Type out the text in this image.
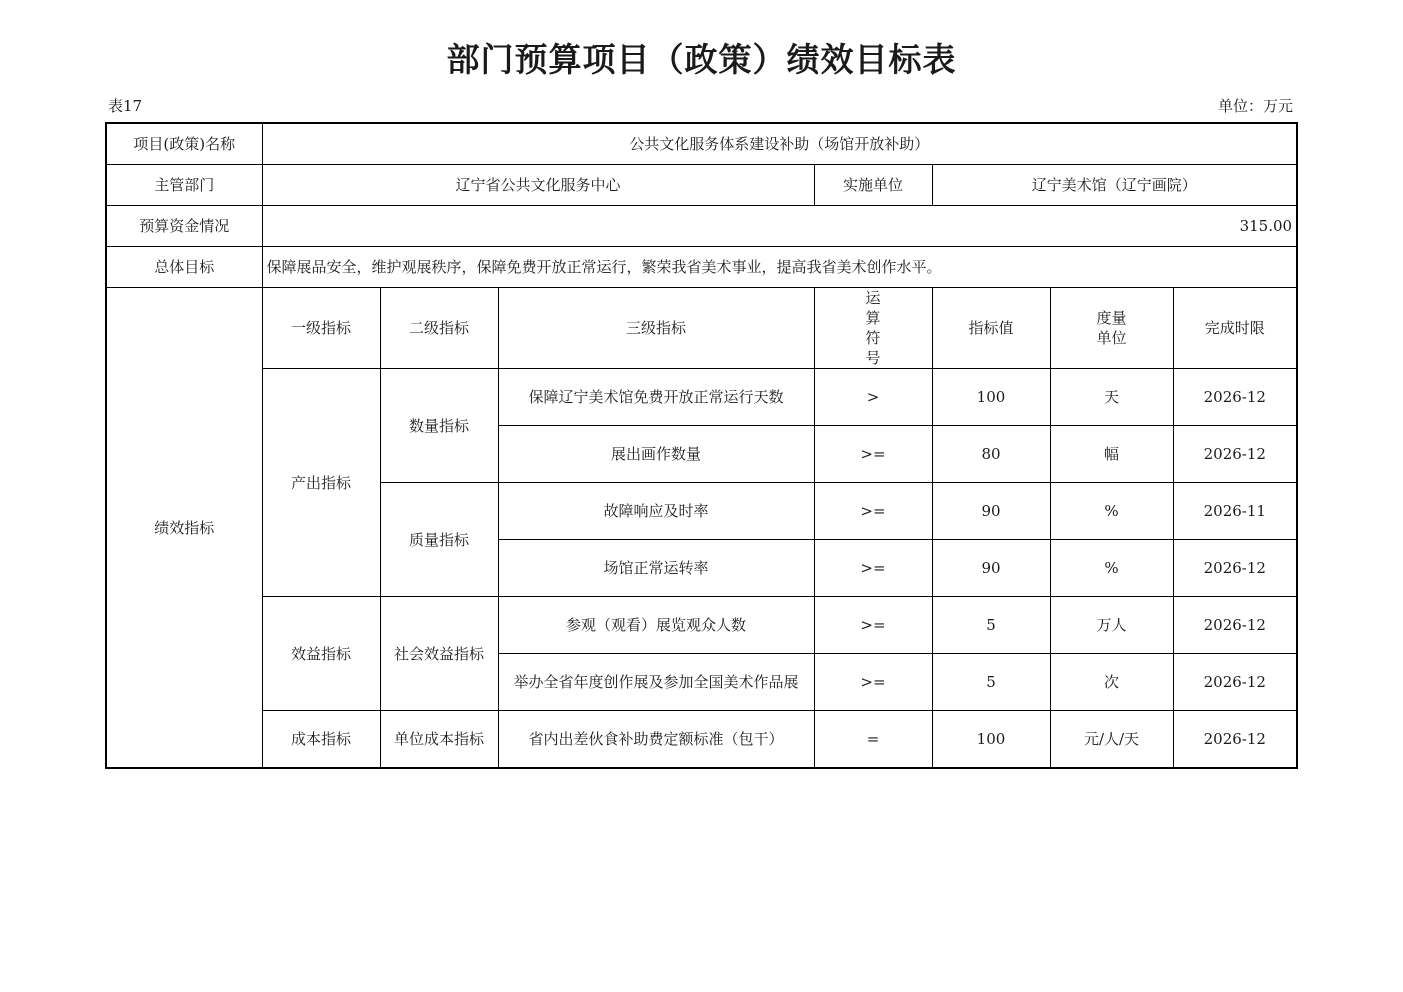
部门预算项目（政策）绩效目标表
表17	单位：万元
项目(政策)名称	公共文化服务体系建设补助（场馆开放补助）						
主管部门	辽宁省公共文化服务中心			实施单位	辽宁美术馆（辽宁画院）		
预算资金情况	315.00						
总体目标	保障展品安全，维护观展秩序，保障免费开放正常运行，繁荣我省美术事业，提高我省美术创作水平。						
绩效指标	一级指标	二级指标	三级指标	运算符号	指标值	度量单位	完成时限
	产出指标	数量指标	保障辽宁美术馆免费开放正常运行天数	>	100	天	2026-12
			展出画作数量	>=	80	幅	2026-12
		质量指标	故障响应及时率	>=	90	%	2026-11
			场馆正常运转率	>=	90	%	2026-12
	效益指标	社会效益指标	参观（观看）展览观众人数	>=	5	万人	2026-12
			举办全省年度创作展及参加全国美术作品展	>=	5	次	2026-12
	成本指标	单位成本指标	省内出差伙食补助费定额标准（包干）	=	100	元/人/天	2026-12
